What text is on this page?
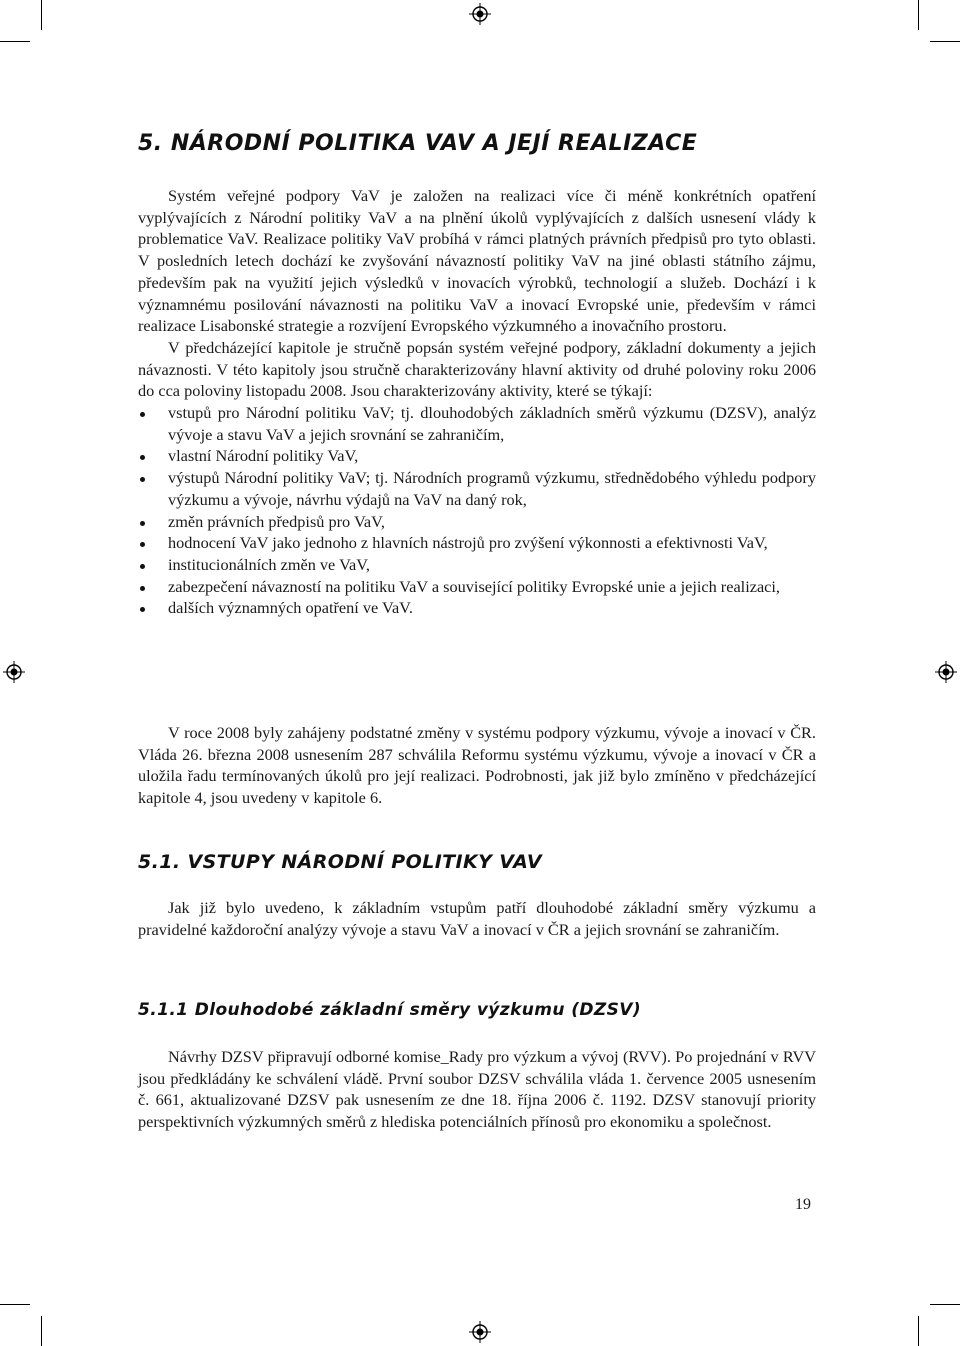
5. NÁRODNÍ POLITIKA VAV A JEJÍ REALIZACE

Systém veřejné podpory VaV je založen na realizaci více či méně konkrétních opatření vyplývajících z Národní politiky VaV a na plnění úkolů vyplývajících z dalších usnesení vlády k problematice VaV. Realizace politiky VaV probíhá v rámci platných právních předpisů pro tyto oblasti. V posledních letech dochází ke zvyšování návazností politiky VaV na jiné oblasti státního zájmu, především pak na využití jejich výsledků v inovacích výrobků, technologií a služeb. Dochází i k významnému posilování návaznosti na politiku VaV a inovací Evropské unie, především v rámci realizace Lisabonské strategie a rozvíjení Evropského výzkumného a inovačního prostoru.

V předcházející kapitole je stručně popsán systém veřejné podpory, základní dokumenty a jejich návaznosti. V této kapitoly jsou stručně charakterizovány hlavní aktivity od druhé poloviny roku 2006 do cca poloviny listopadu 2008. Jsou charakterizovány aktivity, které se týkají:

vstupů pro Národní politiku VaV; tj. dlouhodobých základních směrů výzkumu (DZSV), analýz vývoje a stavu VaV a jejich srovnání se zahraničím,
vlastní Národní politiky VaV,
výstupů Národní politiky VaV; tj. Národních programů výzkumu, střednědobého výhledu podpory výzkumu a vývoje, návrhu výdajů na VaV na daný rok,
změn právních předpisů pro VaV,
hodnocení VaV jako jednoho z hlavních nástrojů pro zvýšení výkonnosti a efektivnosti VaV,
institucionálních změn ve VaV,
zabezpečení návazností na politiku VaV a související politiky Evropské unie a jejich realizaci,
dalších významných opatření ve VaV.

V roce 2008 byly zahájeny podstatné změny v systému podpory výzkumu, vývoje a inovací v ČR. Vláda 26. března 2008 usnesením 287 schválila Reformu systému výzkumu, vývoje a inovací v ČR a uložila řadu termínovaných úkolů pro její realizaci. Podrobnosti, jak již bylo zmíněno v předcházející kapitole 4, jsou uvedeny v kapitole 6.

5.1. VSTUPY NÁRODNÍ POLITIKY VAV

Jak již bylo uvedeno, k základním vstupům patří dlouhodobé základní směry výzkumu a pravidelné každoroční analýzy vývoje a stavu VaV a inovací v ČR a jejich srovnání se zahraničím.

5.1.1 Dlouhodobé základní směry výzkumu (DZSV)

Návrhy DZSV připravují odborné komise_Rady pro výzkum a vývoj (RVV). Po projednání v RVV jsou předkládány ke schválení vládě. První soubor DZSV schválila vláda 1. července 2005 usnesením č. 661, aktualizované DZSV pak usnesením ze dne 18. října 2006 č. 1192. DZSV stanovují priority perspektivních výzkumných směrů z hlediska potenciálních přínosů pro ekonomiku a společnost.

19
